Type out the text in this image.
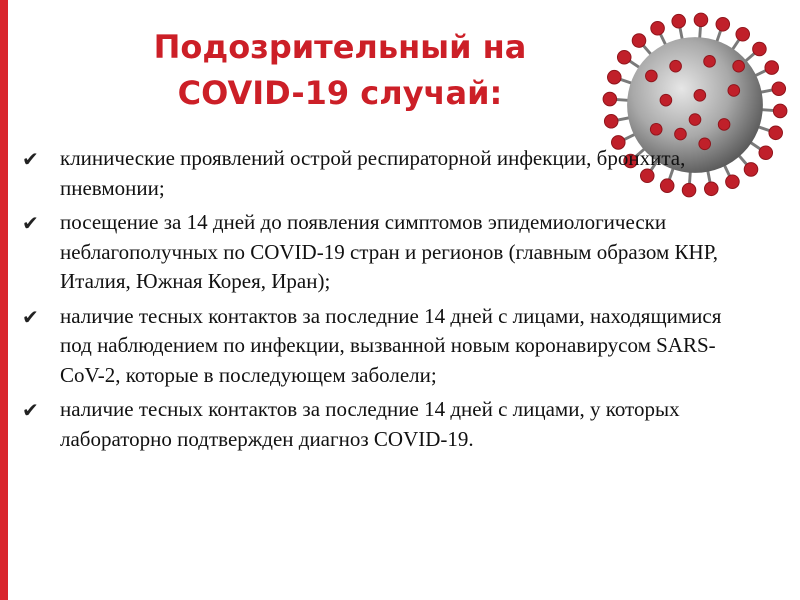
Подозрительный на
COVID-19 случай:
✔ клинические проявлений острой респираторной инфекции, бронхита, пневмонии;
✔ посещение за 14 дней до появления симптомов эпидемиологически неблагополучных по COVID-19 стран и регионов (главным образом КНР, Италия, Южная Корея, Иран);
✔ наличие тесных контактов за последние 14 дней с лицами, находящимися под наблюдением по инфекции, вызванной новым коронавирусом SARS-CoV-2, которые в последующем заболели;
✔ наличие тесных контактов за последние 14 дней с лицами, у которых лабораторно подтвержден диагноз COVID-19.
